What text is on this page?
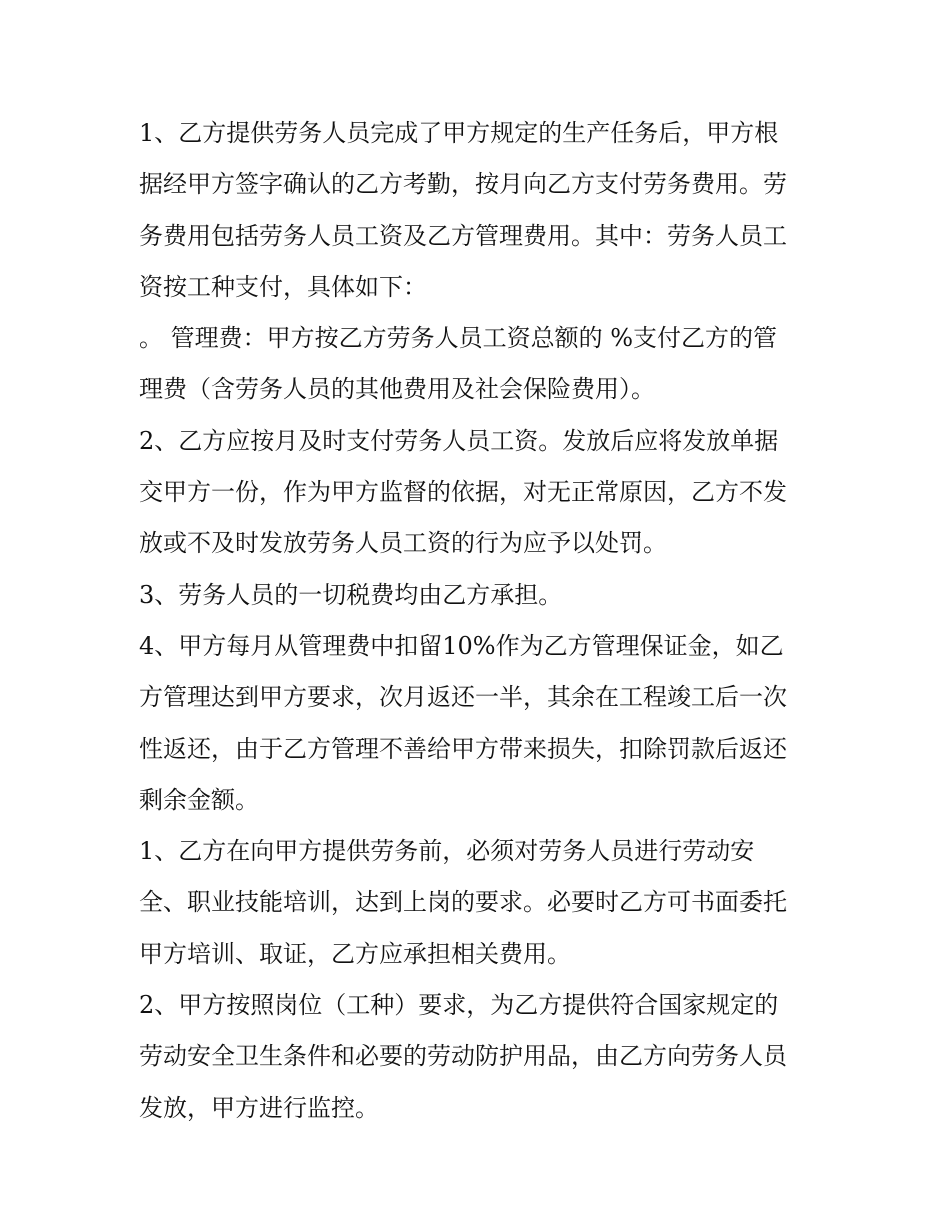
1、乙方提供劳务人员完成了甲方规定的生产任务后，甲方根
据经甲方签字确认的乙方考勤，按月向乙方支付劳务费用。劳
务费用包括劳务人员工资及乙方管理费用。其中：劳务人员工
资按工种支付，具体如下：
。 管理费：甲方按乙方劳务人员工资总额的 %支付乙方的管
理费（含劳务人员的其他费用及社会保险费用）。
2、乙方应按月及时支付劳务人员工资。发放后应将发放单据
交甲方一份，作为甲方监督的依据，对无正常原因，乙方不发
放或不及时发放劳务人员工资的行为应予以处罚。
3、劳务人员的一切税费均由乙方承担。
4、甲方每月从管理费中扣留10%作为乙方管理保证金，如乙
方管理达到甲方要求，次月返还一半，其余在工程竣工后一次
性返还，由于乙方管理不善给甲方带来损失，扣除罚款后返还
剩余金额。
1、乙方在向甲方提供劳务前，必须对劳务人员进行劳动安
全、职业技能培训，达到上岗的要求。必要时乙方可书面委托
甲方培训、取证，乙方应承担相关费用。
2、甲方按照岗位（工种）要求，为乙方提供符合国家规定的
劳动安全卫生条件和必要的劳动防护用品，由乙方向劳务人员
发放，甲方进行监控。
